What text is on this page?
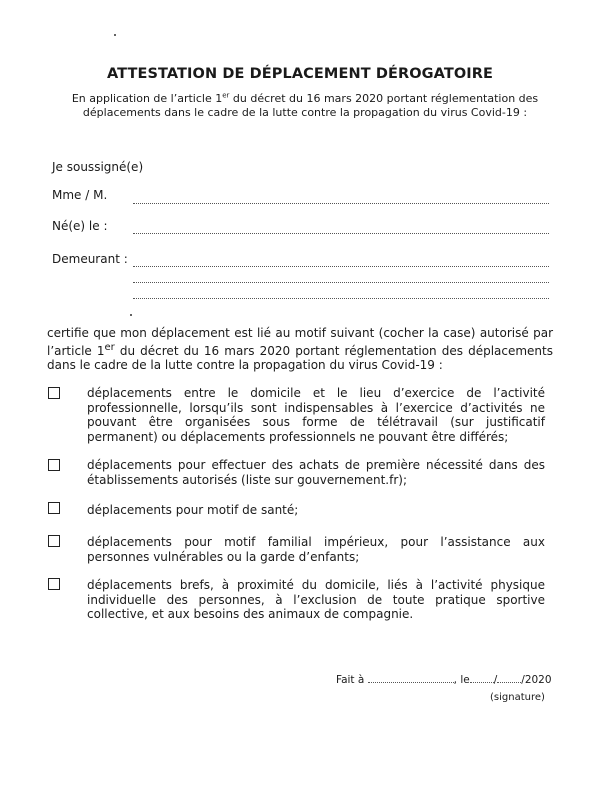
ATTESTATION DE DÉPLACEMENT DÉROGATOIRE
En application de l’article 1er du décret du 16 mars 2020 portant réglementation des déplacements dans le cadre de la lutte contre la propagation du virus Covid-19 :
Je soussigné(e)
Mme / M.
Né(e) le :
Demeurant :
certifie que mon déplacement est lié au motif suivant (cocher la case) autorisé par l’article 1er du décret du 16 mars 2020 portant réglementation des déplacements dans le cadre de la lutte contre la propagation du virus Covid-19 :
déplacements entre le domicile et le lieu d’exercice de l’activité professionnelle, lorsqu’ils sont indispensables à l’exercice d’activités ne pouvant être organisées sous forme de télétravail (sur justificatif permanent) ou déplacements professionnels ne pouvant être différés;
déplacements pour effectuer des achats de première nécessité dans des établissements autorisés (liste sur gouvernement.fr);
déplacements pour motif de santé;
déplacements pour motif familial impérieux, pour l’assistance aux personnes vulnérables ou la garde d’enfants;
déplacements brefs, à proximité du domicile, liés à l’activité physique individuelle des personnes, à l’exclusion de toute pratique sportive collective, et aux besoins des animaux de compagnie.
Fait à	, le / /2020
(signature)
